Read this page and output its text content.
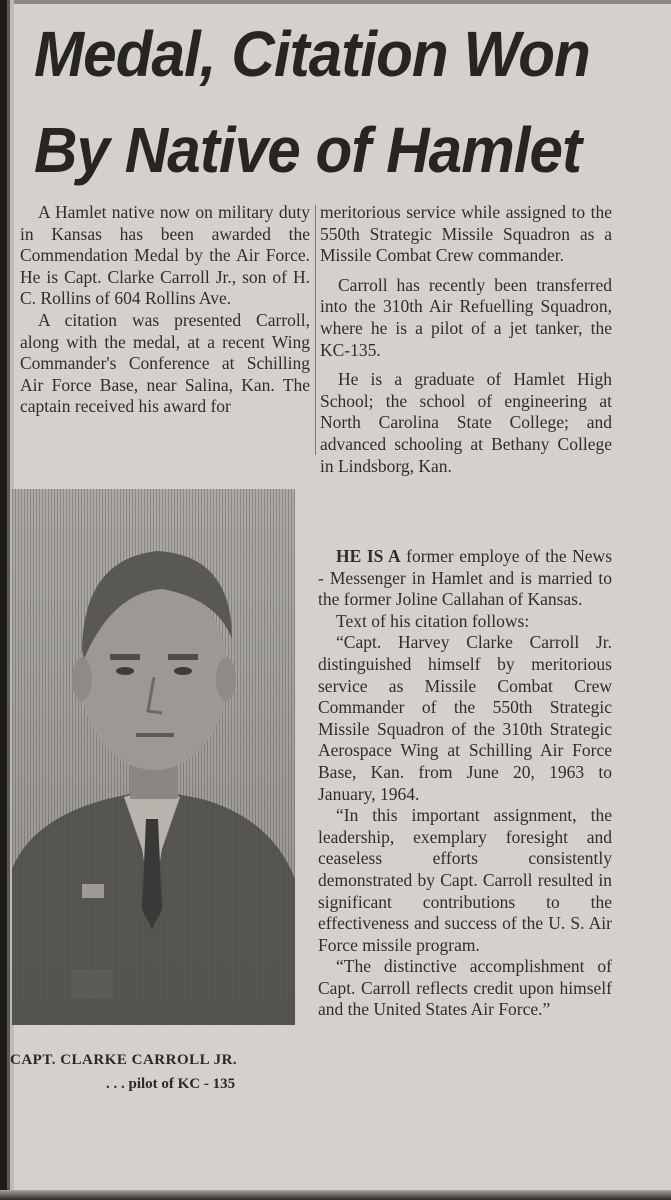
Medal, Citation Won
By Native of Hamlet

A Hamlet native now on military duty in Kansas has been awarded the Commendation Medal by the Air Force. He is Capt. Clarke Carroll Jr., son of H. C. Rollins of 604 Rollins Ave.

A citation was presented Carroll, along with the medal, at a recent Wing Commander's Conference at Schilling Air Force Base, near Salina, Kan. The captain received his award for

meritorious service while assigned to the 550th Strategic Missile Squadron as a Missile Combat Crew commander.

Carroll has recently been transferred into the 310th Air Refuelling Squadron, where he is a pilot of a jet tanker, the KC-135.

He is a graduate of Hamlet High School; the school of engineering at North Carolina State College; and advanced schooling at Bethany College in Lindsborg, Kan.

HE IS A former employe of the News - Messenger in Hamlet and is married to the former Joline Callahan of Kansas.

Text of his citation follows:

“Capt. Harvey Clarke Carroll Jr. distinguished himself by meritorious service as Missile Combat Crew Commander of the 550th Strategic Missile Squadron of the 310th Strategic Aerospace Wing at Schilling Air Force Base, Kan. from June 20, 1963 to January, 1964.

“In this important assignment, the leadership, exemplary foresight and ceaseless efforts consistently demonstrated by Capt. Carroll resulted in significant contributions to the effectiveness and success of the U. S. Air Force missile program.

“The distinctive accomplishment of Capt. Carroll reflects credit upon himself and the United States Air Force.”

CAPT. CLARKE CARROLL JR.
. . . pilot of KC - 135
